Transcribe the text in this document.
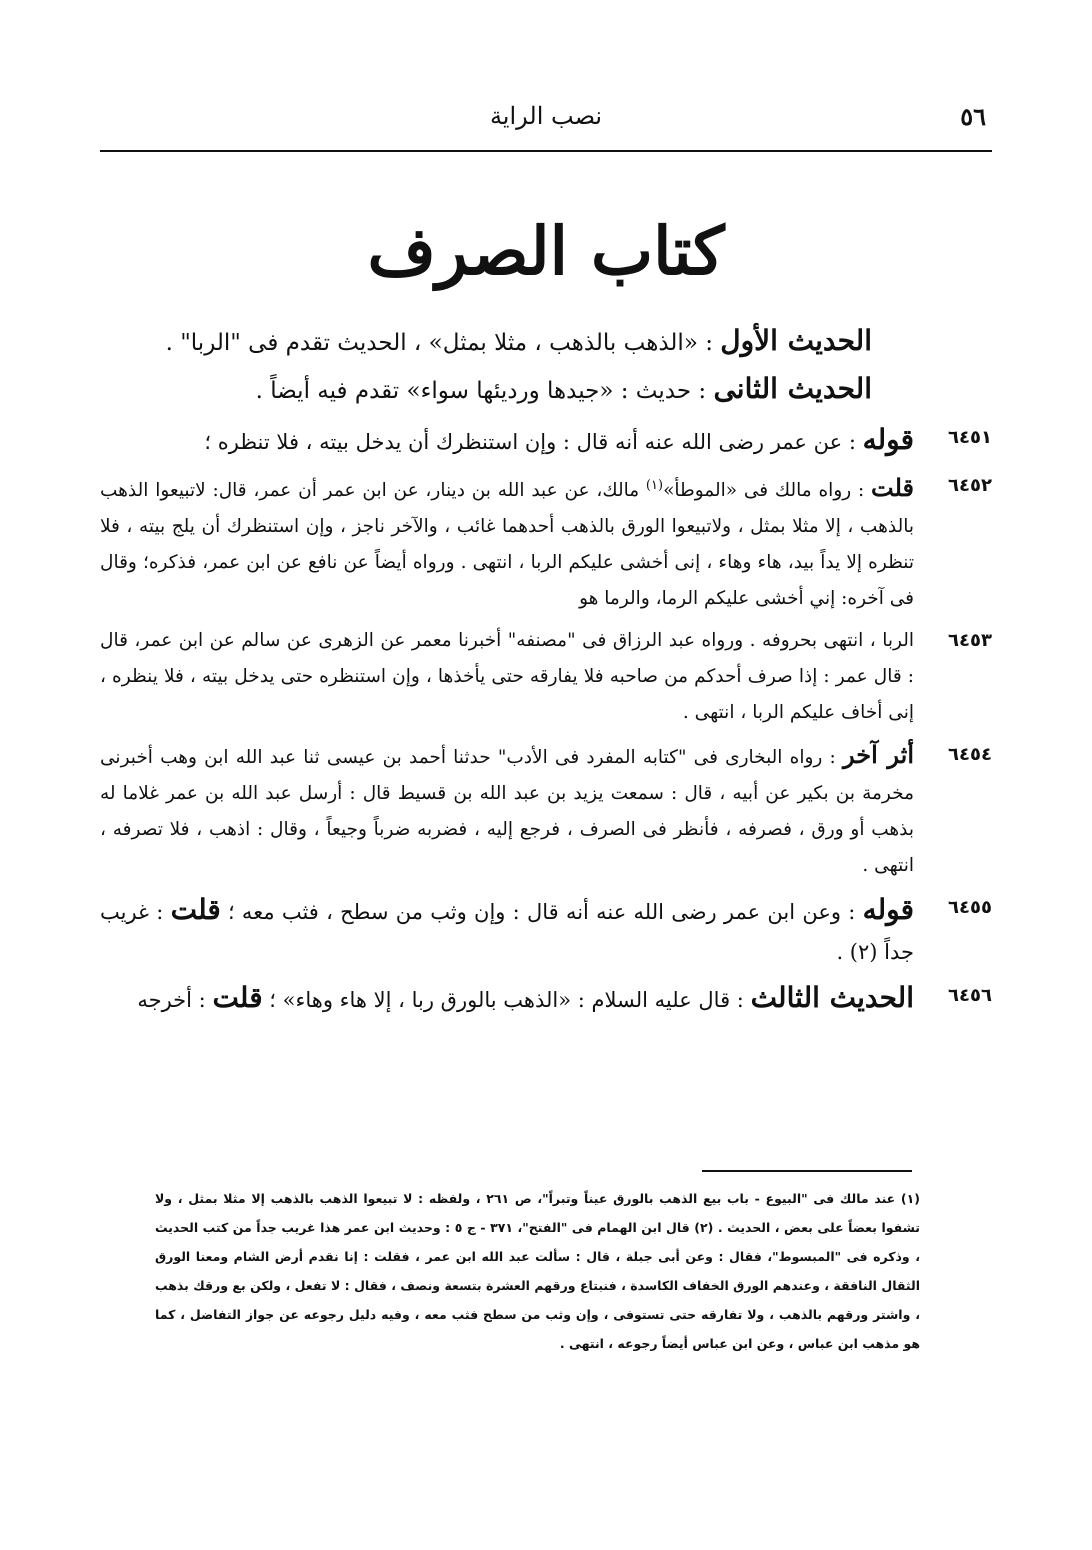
٥٦
نصب الراية
كتاب الصرف
الحديث الأول : «الذهب بالذهب ، مثلا بمثل» ، الحديث تقدم فى "الربا" .
الحديث الثانى : حديث : «جيدها ورديئها سواء» تقدم فيه أيضاً .
٦٤٥١
قوله : عن عمر رضى الله عنه أنه قال : وإن استنظرك أن يدخل بيته ، فلا تنظره ؛
٦٤٥٢
قلت : رواه مالك فى «الموطأ»$^{(١)}$ مالك، عن عبد الله بن دينار، عن ابن عمر أن عمر، قال: لاتبيعوا الذهب بالذهب ، إلا مثلا بمثل ، ولاتبيعوا الورق بالذهب أحدهما غائب ، والآخر ناجز ، وإن استنظرك أن يلج بيته ، فلا تنظره إلا يداً بيد، هاء وهاء ، إنى أخشى عليكم الربا ، انتهى . ورواه أيضاً عن نافع عن ابن عمر، فذكره؛ وقال فى آخره: إني أخشى عليكم الرما، والرما هو
٦٤٥٣
الربا ، انتهى بحروفه . ورواه عبد الرزاق فى "مصنفه" أخبرنا معمر عن الزهرى عن سالم عن ابن عمر، قال : قال عمر : إذا صرف أحدكم من صاحبه فلا يفارقه حتى يأخذها ، وإن استنظره حتى يدخل بيته ، فلا ينظره ، إنى أخاف عليكم الربا ، انتهى .
٦٤٥٤
أثر آخر : رواه البخارى فى "كتابه المفرد فى الأدب" حدثنا أحمد بن عيسى ثنا عبد الله ابن وهب أخبرنى مخرمة بن بكير عن أبيه ، قال : سمعت يزيد بن عبد الله بن قسيط قال : أرسل عبد الله بن عمر غلاما له بذهب أو ورق ، فصرفه ، فأنظر فى الصرف ، فرجع إليه ، فضربه ضرباً وجيعاً ، وقال : اذهب ، فلا تصرفه ، انتهى .
٦٤٥٥
قوله : وعن ابن عمر رضى الله عنه أنه قال : وإن وثب من سطح ، فثب معه ؛ قلت : غريب جداً (٢) .
٦٤٥٦
الحديث الثالث : قال عليه السلام : «الذهب بالورق ربا ، إلا هاء وهاء» ؛ قلت : أخرجه
(١) عند مالك فى "البيوع - باب بيع الذهب بالورق عيناً وتبراً"، ص ٢٦١ ، ولفظه : لا تبيعوا الذهب بالذهب إلا مثلا بمثل ، ولا تشفوا بعضاً على بعض ، الحديث . (٢) قال ابن الهمام فى "الفتح"، ٣٧١ - ج ٥ : وحديث ابن عمر هذا غريب جداً من كتب الحديث ، وذكره فى "المبسوط"، فقال : وعن أبى جبلة ، قال : سألت عبد الله ابن عمر ، فقلت : إنا نقدم أرض الشام ومعنا الورق الثقال النافقة ، وعندهم الورق الخفاف الكاسدة ، فنبتاع ورقهم العشرة بتسعة ونصف ، فقال : لا تفعل ، ولكن بع ورقك بذهب ، واشتر ورقهم بالذهب ، ولا تفارقه حتى تستوفى ، وإن وثب من سطح فثب معه ، وفيه دليل رجوعه عن جواز التفاضل ، كما هو مذهب ابن عباس ، وعن ابن عباس أيضاً رجوعه ، انتهى .
